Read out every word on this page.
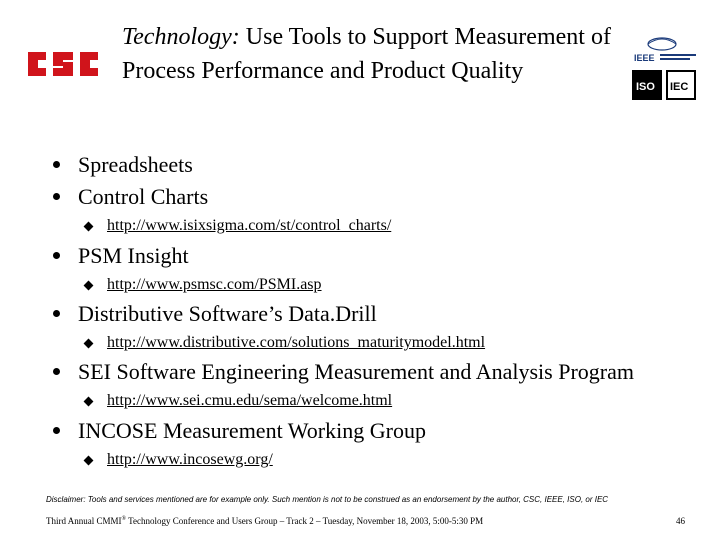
Technology: Use Tools to Support Measurement of Process Performance and Product Quality	IEEE
ISO IEC
Spreadsheets
Control Charts
http://www.isixsigma.com/st/control_charts/
PSM Insight
http://www.psmsc.com/PSMI.asp
Distributive Software’s Data.Drill
http://www.distributive.com/solutions_maturitymodel.html
SEI Software Engineering Measurement and Analysis Program
http://www.sei.cmu.edu/sema/welcome.html
INCOSE Measurement Working Group
http://www.incosewg.org/
Disclaimer: Tools and services mentioned are for example only. Such mention is not to be construed as an endorsement by the author, CSC, IEEE, ISO, or IEC
Third Annual CMMI® Technology Conference and Users Group – Track 2 – Tuesday, November 18, 2003, 5:00-5:30 PM	46
